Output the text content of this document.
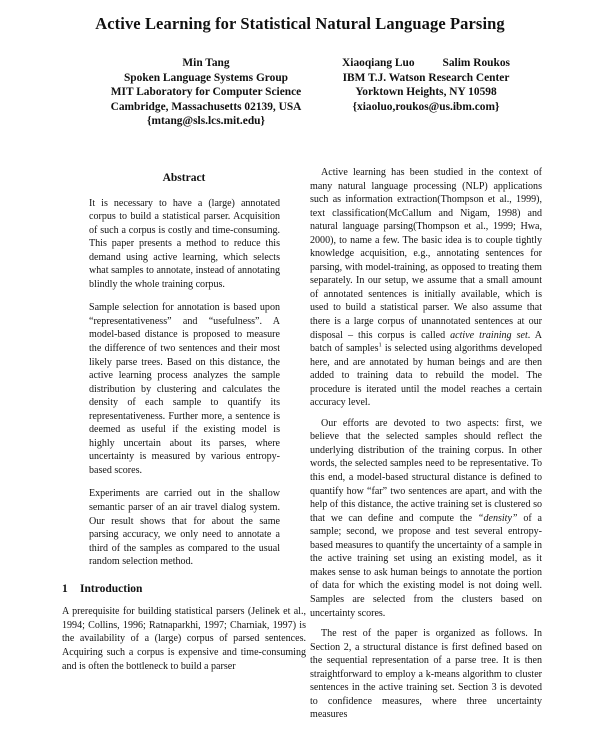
Active Learning for Statistical Natural Language Parsing
Min Tang
Spoken Language Systems Group
MIT Laboratory for Computer Science
Cambridge, Massachusetts 02139, USA
{mtang@sls.lcs.mit.edu}
Xiaoqiang Luo Salim Roukos
IBM T.J. Watson Research Center
Yorktown Heights, NY 10598
{xiaoluo,roukos@us.ibm.com}
Abstract

It is necessary to have a (large) annotated corpus to build a statistical parser. Acquisition of such a corpus is costly and time-consuming. This paper presents a method to reduce this demand using active learning, which selects what samples to annotate, instead of annotating blindly the whole training corpus.

Sample selection for annotation is based upon “representativeness” and “usefulness”. A model-based distance is proposed to measure the difference of two sentences and their most likely parse trees. Based on this distance, the active learning process analyzes the sample distribution by clustering and calculates the density of each sample to quantify its representativeness. Further more, a sentence is deemed as useful if the existing model is highly uncertain about its parses, where uncertainty is measured by various entropy-based scores.

Experiments are carried out in the shallow semantic parser of an air travel dialog system. Our result shows that for about the same parsing accuracy, we only need to annotate a third of the samples as compared to the usual random selection method.

1 Introduction

A prerequisite for building statistical parsers (Jelinek et al., 1994; Collins, 1996; Ratnaparkhi, 1997; Charniak, 1997) is the availability of a (large) corpus of parsed sentences. Acquiring such a corpus is expensive and time-consuming and is often the bottleneck to build a parser

Active learning has been studied in the context of many natural language processing (NLP) applications such as information extraction(Thompson et al., 1999), text classification(McCallum and Nigam, 1998) and natural language parsing(Thompson et al., 1999; Hwa, 2000), to name a few. The basic idea is to couple tightly knowledge acquisition, e.g., annotating sentences for parsing, with model-training, as opposed to treating them separately. In our setup, we assume that a small amount of annotated sentences is initially available, which is used to build a statistical parser. We also assume that there is a large corpus of unannotated sentences at our disposal – this corpus is called active training set. A batch of samples$^1$ is selected using algorithms developed here, and are annotated by human beings and are then added to training data to rebuild the model. The procedure is iterated until the model reaches a certain accuracy level.

Our efforts are devoted to two aspects: first, we believe that the selected samples should reflect the underlying distribution of the training corpus. In other words, the selected samples need to be representative. To this end, a model-based structural distance is defined to quantify how “far” two sentences are apart, and with the help of this distance, the active training set is clustered so that we can define and compute the “density” of a sample; second, we propose and test several entropy-based measures to quantify the uncertainty of a sample in the active training set using an existing model, as it makes sense to ask human beings to annotate the portion of data for which the existing model is not doing well. Samples are selected from the clusters based on uncertainty scores.

The rest of the paper is organized as follows. In Section 2, a structural distance is first defined based on the sequential representation of a parse tree. It is then straightforward to employ a k-means algorithm to cluster sentences in the active training set. Section 3 is devoted to confidence measures, where three uncertainty measures
